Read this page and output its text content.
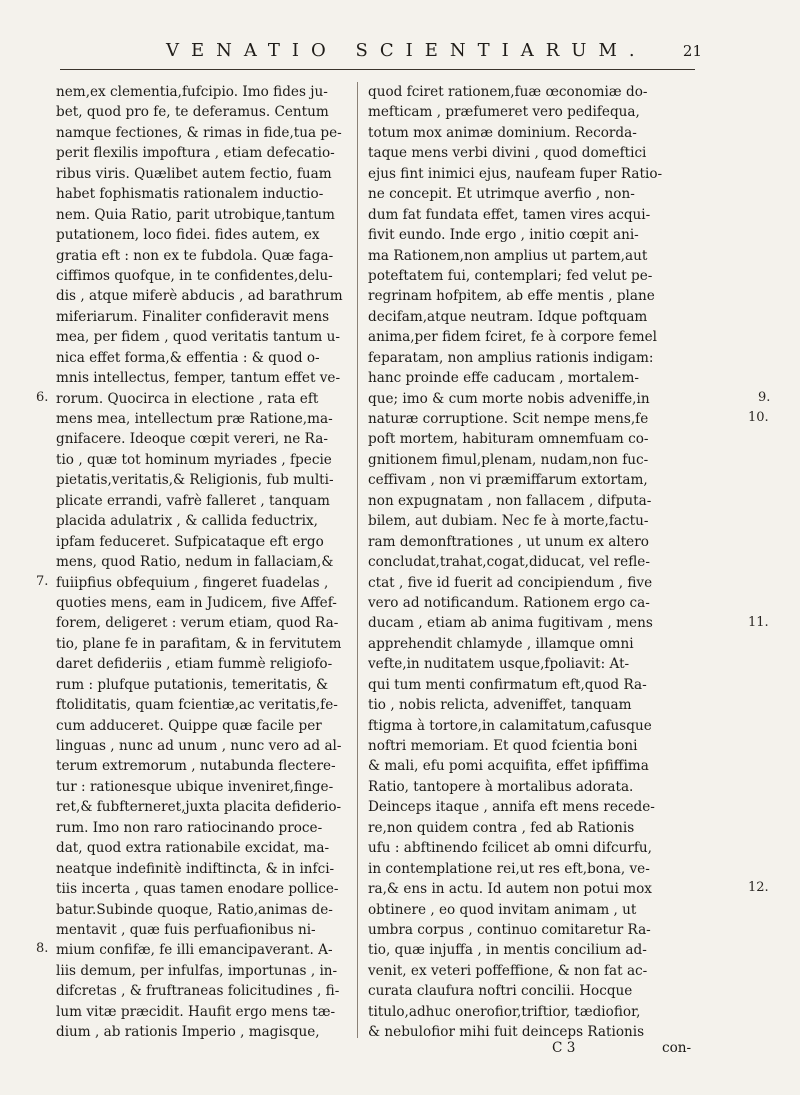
VENATIO SCIENTIARUM.	21
nem,ex clementia,fufcipio. Imo fides ju-
bet, quod pro fe, te deferamus. Centum
namque fectiones, & rimas in fide,tua pe-
perit flexilis impoftura , etiam defecatio-
ribus viris. Quælibet autem fectio, fuam
habet fophismatis rationalem inductio-
nem. Quia Ratio, parit utrobique,tantum
putationem, loco fidei. fides autem, ex
gratia eft : non ex te fubdola. Quæ faga-
ciffimos quofque, in te confidentes,delu-
dis , atque miferè abducis , ad barathrum
miferiarum. Finaliter confideravit mens
mea, per fidem , quod veritatis tantum u-
nica effet forma,& effentia : & quod o-
mnis intellectus, femper, tantum effet ve-
rorum. Quocirca in electione , rata eft
mens mea, intellectum præ Ratione,ma-
gnifacere. Ideoque cœpit vereri, ne Ra-
tio , quæ tot hominum myriades , fpecie
pietatis,veritatis,& Religionis, fub multi-
plicate errandi, vafrè falleret , tanquam
placida adulatrix , & callida feductrix,
ipfam feduceret. Sufpicataque eft ergo
mens, quod Ratio, nedum in fallaciam,&
fuiipfius obfequium , fingeret fuadelas ,
quoties mens, eam in Judicem, five Affef-
forem, deligeret : verum etiam, quod Ra-
tio, plane fe in parafitam, & in fervitutem
daret defideriis , etiam fummè religiofo-
rum : plufque putationis, temeritatis, &
ftoliditatis, quam fcientiæ,ac veritatis,fe-
cum adduceret. Quippe quæ facile per
linguas , nunc ad unum , nunc vero ad al-
terum extremorum , nutabunda flectere-
tur : rationesque ubique inveniret,finge-
ret,& fubfterneret,juxta placita defiderio-
rum. Imo non raro ratiocinando proce-
dat, quod extra rationabile excidat, ma-
neatque indefinitè indiftincta, & in infci-
tiis incerta , quas tamen enodare pollice-
batur.Subinde quoque, Ratio,animas de-
mentavit , quæ fuis perfuafionibus ni-
mium confifæ, fe illi emancipaverant. A-
liis demum, per infulfas, importunas , in-
difcretas , & fruftraneas folicitudines , fi-
lum vitæ præcidit. Haufit ergo mens tæ-
dium , ab rationis Imperio , magisque,
quod fciret rationem,fuæ œconomiæ do-
mefticam , præfumeret vero pedifequa,
totum mox animæ dominium. Recorda-
taque mens verbi divini , quod domeftici
ejus fint inimici ejus, naufeam fuper Ratio-
ne concepit. Et utrimque averfio , non-
dum fat fundata effet, tamen vires acqui-
fivit eundo. Inde ergo , initio cœpit ani-
ma Rationem,non amplius ut partem,aut
poteftatem fui, contemplari; fed velut pe-
regrinam hofpitem, ab effe mentis , plane
decifam,atque neutram. Idque poftquam
anima,per fidem fciret, fe à corpore femel
feparatam, non amplius rationis indigam:
hanc proinde effe caducam , mortalem-
que; imo & cum morte nobis adveniffe,in
naturæ corruptione. Scit nempe mens,fe
poft mortem, habituram omnemfuam co-
gnitionem fimul,plenam, nudam,non fuc-
ceffivam , non vi præmiffarum extortam,
non expugnatam , non fallacem , difputa-
bilem, aut dubiam. Nec fe à morte,factu-
ram demonftrationes , ut unum ex altero
concludat,trahat,cogat,diducat, vel refle-
ctat , five id fuerit ad concipiendum , five
vero ad notificandum. Rationem ergo ca-
ducam , etiam ab anima fugitivam , mens
apprehendit chlamyde , illamque omni
vefte,in nuditatem usque,fpoliavit: At-
qui tum menti confirmatum eft,quod Ra-
tio , nobis relicta, adveniffet, tanquam
ftigma à tortore,in calamitatum,cafusque
noftri memoriam. Et quod fcientia boni
& mali, efu pomi acquifita, effet ipfiffima
Ratio, tantopere à mortalibus adorata.
Deinceps itaque , annifa eft mens recede-
re,non quidem contra , fed ab Rationis
ufu : abftinendo fcilicet ab omni difcurfu,
in contemplatione rei,ut res eft,bona, ve-
ra,& ens in actu. Id autem non potui mox
obtinere , eo quod invitam animam , ut
umbra corpus , continuo comitaretur Ra-
tio, quæ injuffa , in mentis concilium ad-
venit, ex veteri poffeffione, & non fat ac-
curata claufura noftri concilii. Hocque
titulo,adhuc onerofior,triftior, tædiofior,
& nebulofior mihi fuit deinceps Rationis
6.
7.
8.
9.
10.
11.
12.
C 3	con-
